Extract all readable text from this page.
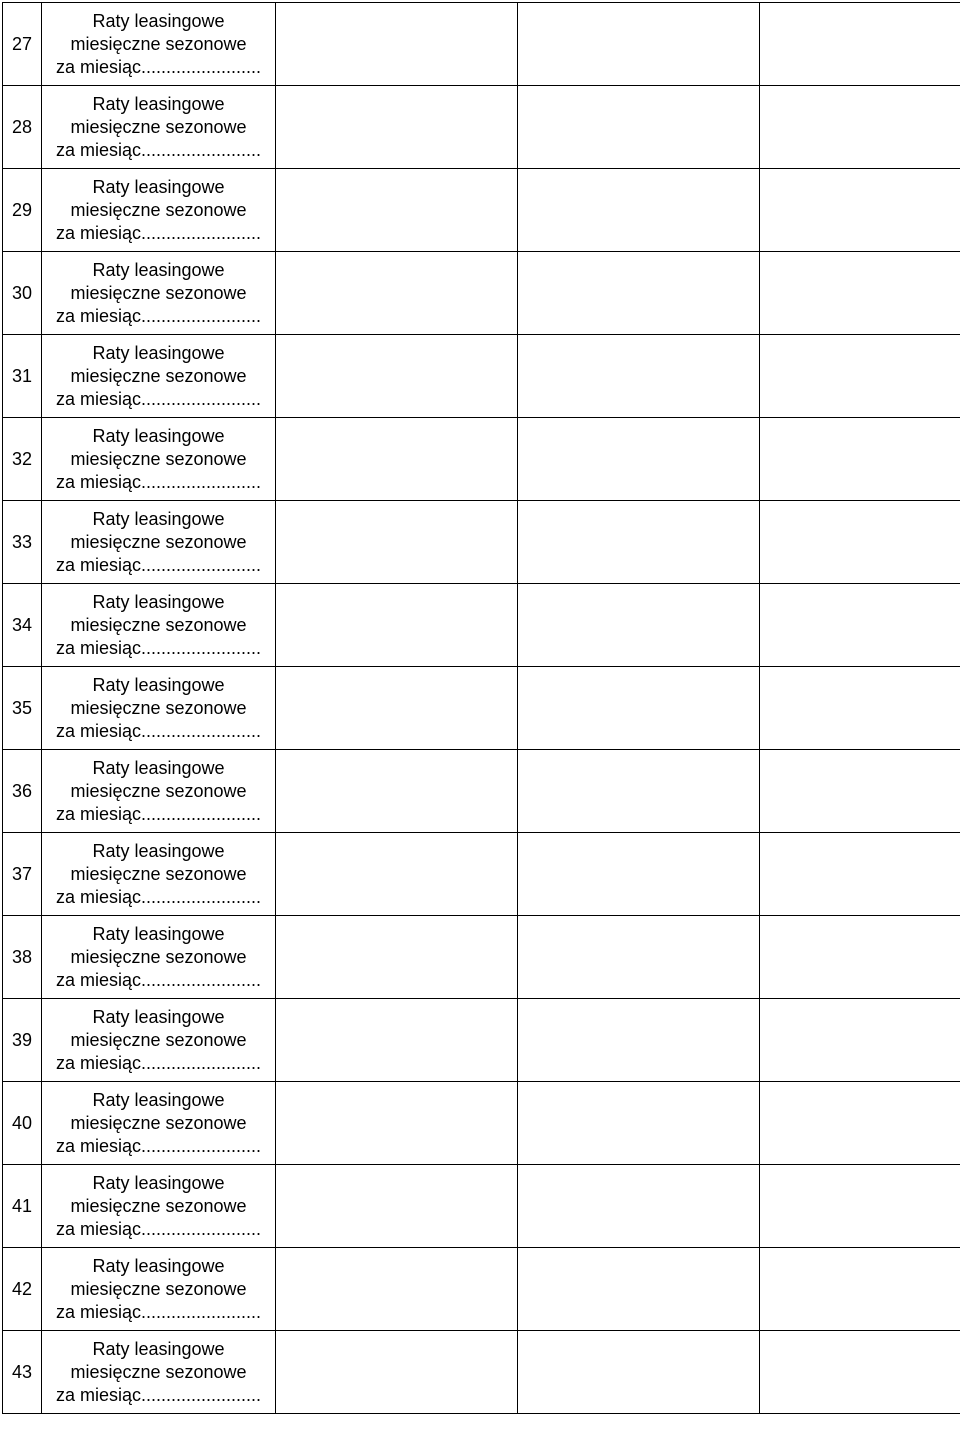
27	Raty leasingowe
miesięczne sezonowe
za miesiąc........................			

28	Raty leasingowe
miesięczne sezonowe
za miesiąc........................			

29	Raty leasingowe
miesięczne sezonowe
za miesiąc........................			

30	Raty leasingowe
miesięczne sezonowe
za miesiąc........................			

31	Raty leasingowe
miesięczne sezonowe
za miesiąc........................			

32	Raty leasingowe
miesięczne sezonowe
za miesiąc........................			

33	Raty leasingowe
miesięczne sezonowe
za miesiąc........................			

34	Raty leasingowe
miesięczne sezonowe
za miesiąc........................			

35	Raty leasingowe
miesięczne sezonowe
za miesiąc........................			

36	Raty leasingowe
miesięczne sezonowe
za miesiąc........................			

37	Raty leasingowe
miesięczne sezonowe
za miesiąc........................			

38	Raty leasingowe
miesięczne sezonowe
za miesiąc........................			

39	Raty leasingowe
miesięczne sezonowe
za miesiąc........................			

40	Raty leasingowe
miesięczne sezonowe
za miesiąc........................			

41	Raty leasingowe
miesięczne sezonowe
za miesiąc........................			

42	Raty leasingowe
miesięczne sezonowe
za miesiąc........................			

43	Raty leasingowe
miesięczne sezonowe
za miesiąc........................			
